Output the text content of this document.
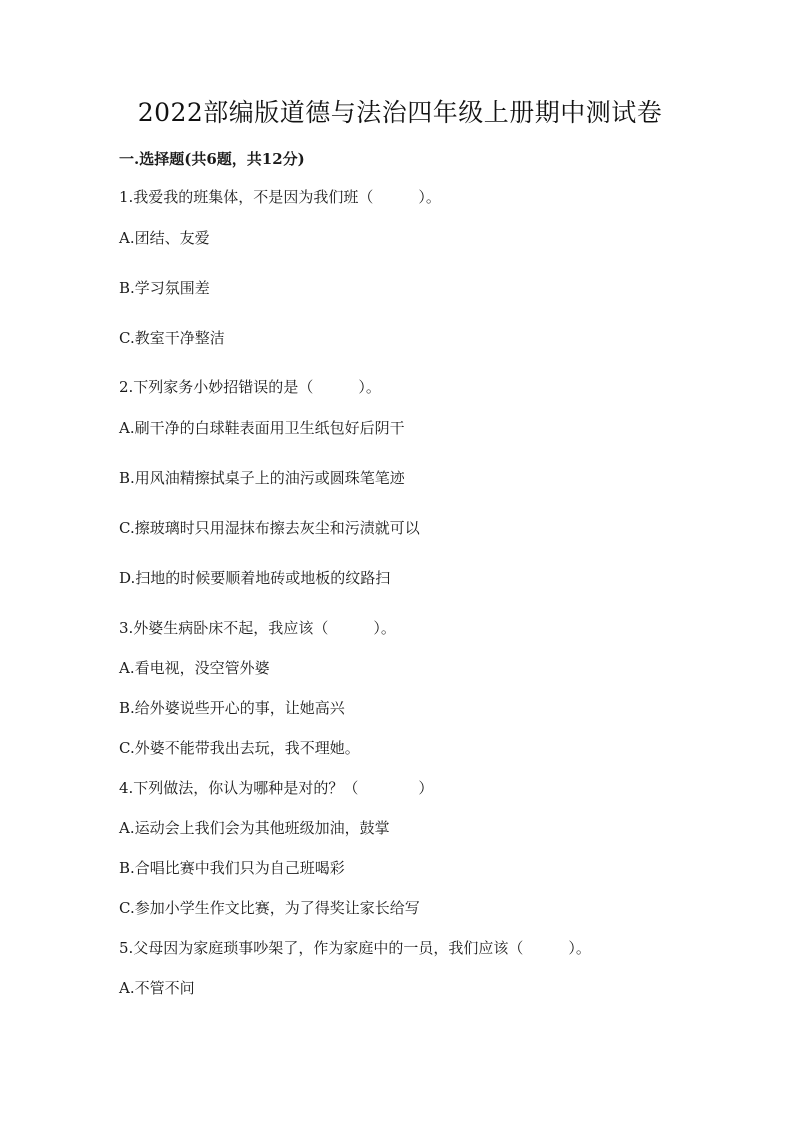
2022部编版道德与法治四年级上册期中测试卷
一.选择题(共6题，共12分)
1.我爱我的班集体，不是因为我们班（　　　）。
A.团结、友爱
B.学习氛围差
C.教室干净整洁
2.下列家务小妙招错误的是（　　　）。
A.刷干净的白球鞋表面用卫生纸包好后阴干
B.用风油精擦拭桌子上的油污或圆珠笔笔迹
C.擦玻璃时只用湿抹布擦去灰尘和污渍就可以
D.扫地的时候要顺着地砖或地板的纹路扫
3.外婆生病卧床不起，我应该（　　　）。
A.看电视，没空管外婆
B.给外婆说些开心的事，让她高兴
C.外婆不能带我出去玩，我不理她。
4.下列做法，你认为哪种是对的？（　　　　）
A.运动会上我们会为其他班级加油，鼓掌
B.合唱比赛中我们只为自己班喝彩
C.参加小学生作文比赛，为了得奖让家长给写
5.父母因为家庭琐事吵架了，作为家庭中的一员，我们应该（　　　）。
A.不管不问
